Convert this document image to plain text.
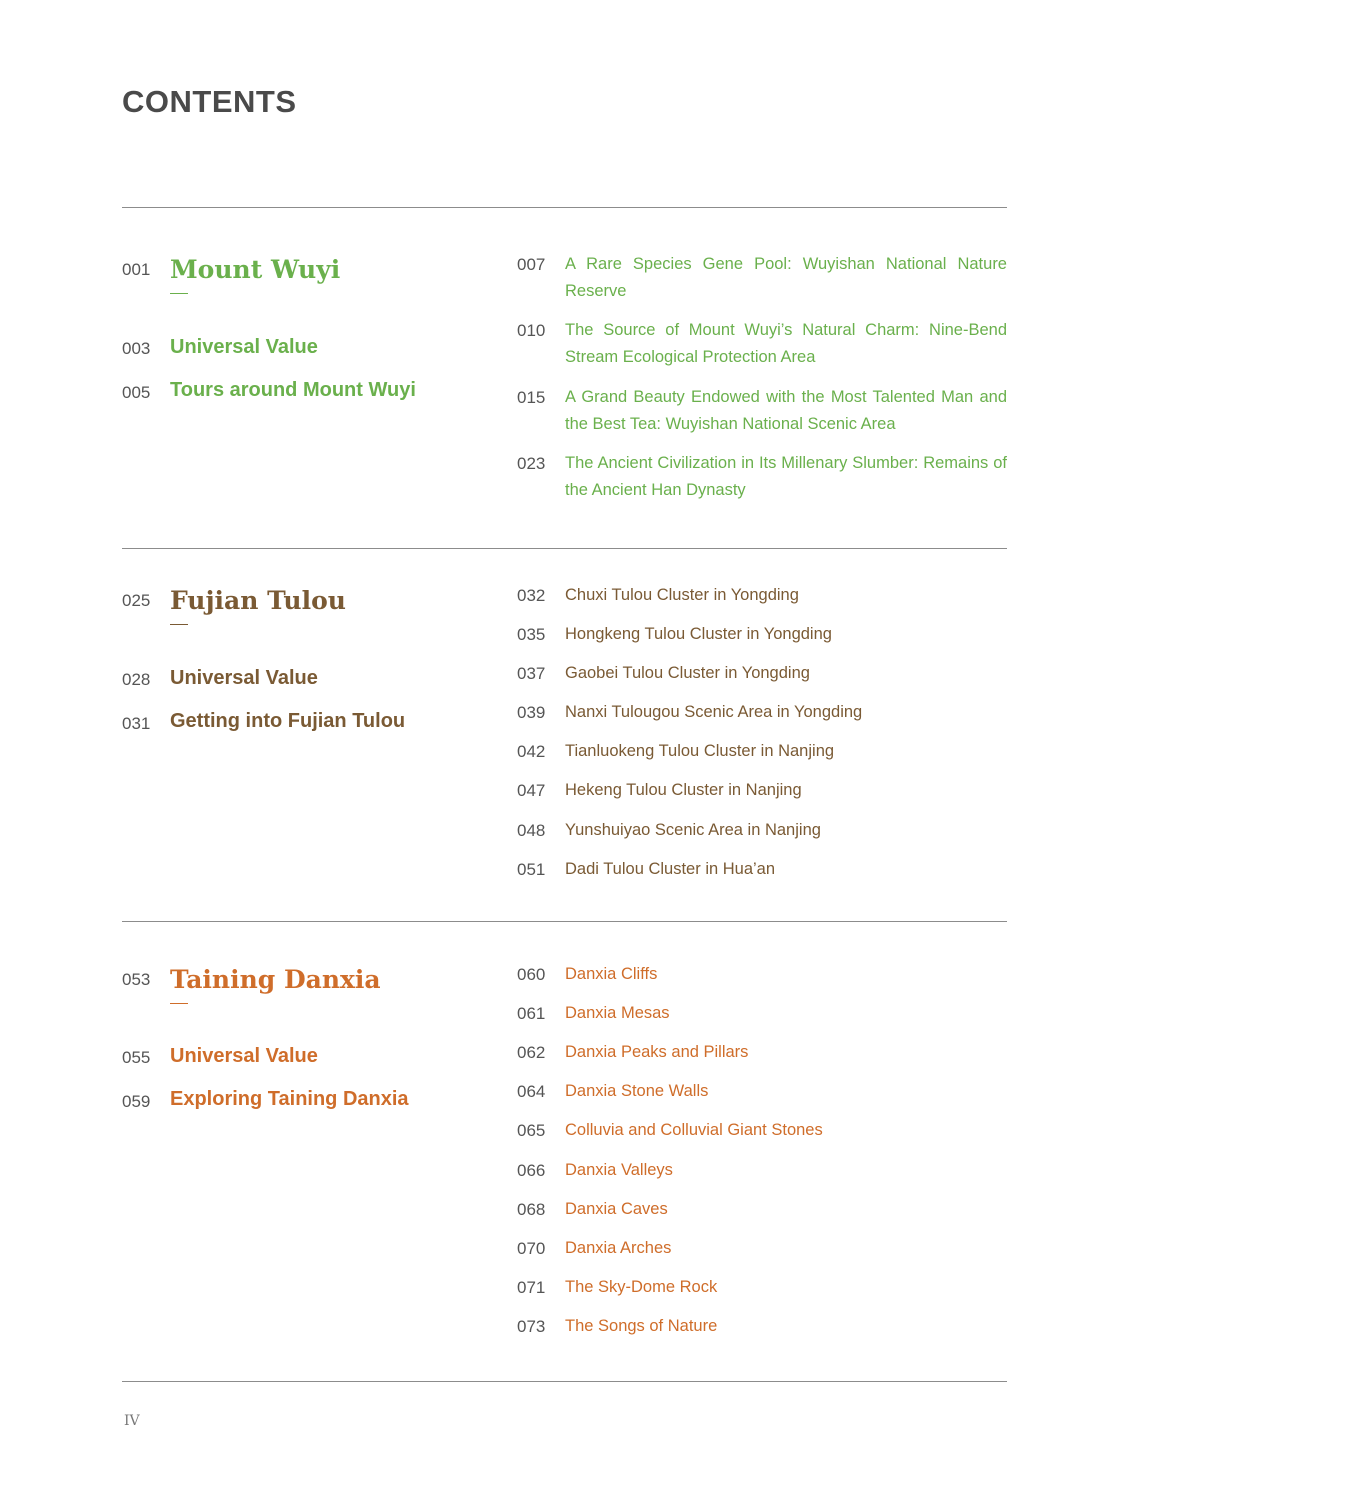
CONTENTS
001 Mount Wuyi
003 Universal Value
005 Tours around Mount Wuyi
007 A Rare Species Gene Pool: Wuyishan National Nature Reserve
010 The Source of Mount Wuyi’s Natural Charm: Nine-Bend Stream Ecological Protection Area
015 A Grand Beauty Endowed with the Most Talented Man and the Best Tea: Wuyishan National Scenic Area
023 The Ancient Civilization in Its Millenary Slumber: Remains of the Ancient Han Dynasty
025 Fujian Tulou
028 Universal Value
031 Getting into Fujian Tulou
032 Chuxi Tulou Cluster in Yongding
035 Hongkeng Tulou Cluster in Yongding
037 Gaobei Tulou Cluster in Yongding
039 Nanxi Tulougou Scenic Area in Yongding
042 Tianluokeng Tulou Cluster in Nanjing
047 Hekeng Tulou Cluster in Nanjing
048 Yunshuiyao Scenic Area in Nanjing
051 Dadi Tulou Cluster in Hua’an
053 Taining Danxia
055 Universal Value
059 Exploring Taining Danxia
060 Danxia Cliffs
061 Danxia Mesas
062 Danxia Peaks and Pillars
064 Danxia Stone Walls
065 Colluvia and Colluvial Giant Stones
066 Danxia Valleys
068 Danxia Caves
070 Danxia Arches
071 The Sky-Dome Rock
073 The Songs of Nature
IV
